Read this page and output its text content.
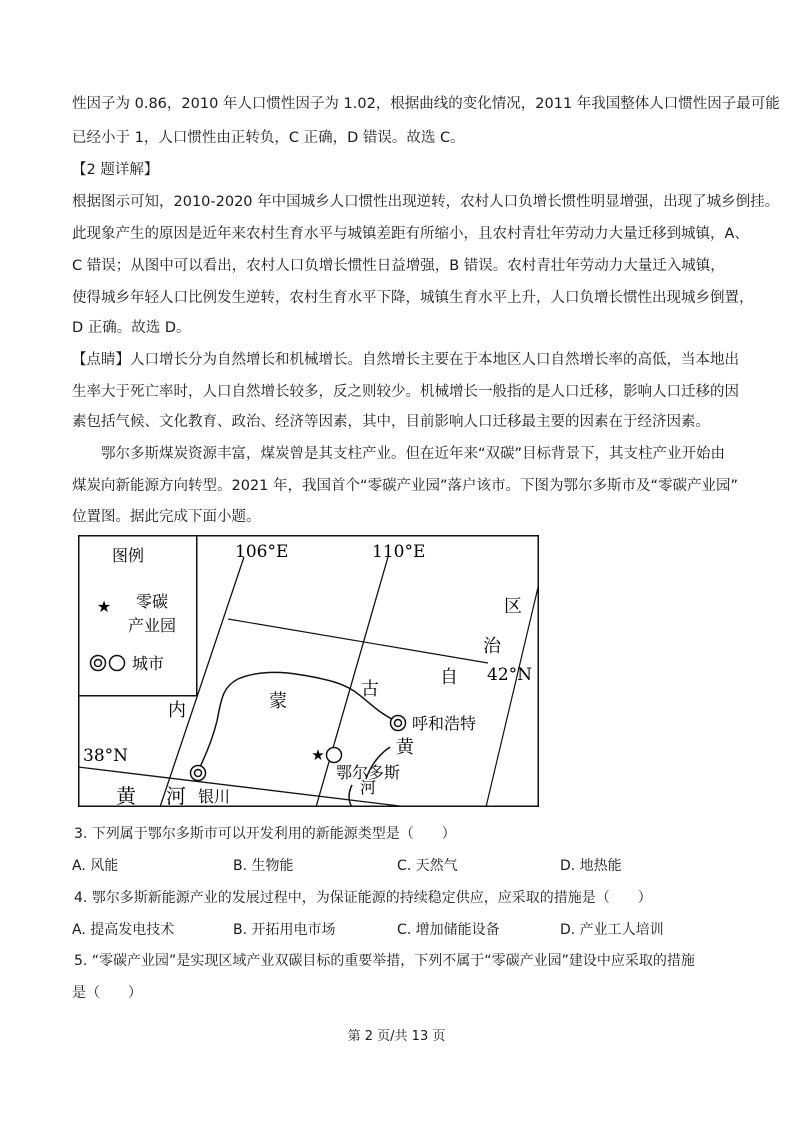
性因子为 0.86，2010 年人口惯性因子为 1.02，根据曲线的变化情况，2011 年我国整体人口惯性因子最可能
已经小于 1，人口惯性由正转负，C 正确，D 错误。故选 C。
【2 题详解】
根据图示可知，2010-2020 年中国城乡人口惯性出现逆转，农村人口负增长惯性明显增强，出现了城乡倒挂。
此现象产生的原因是近年来农村生育水平与城镇差距有所缩小，且农村青壮年劳动力大量迁移到城镇，A、
C 错误；从图中可以看出，农村人口负增长惯性日益增强，B 错误。农村青壮年劳动力大量迁入城镇，
使得城乡年轻人口比例发生逆转，农村生育水平下降，城镇生育水平上升，人口负增长惯性出现城乡倒置，
D 正确。故选 D。
【点睛】人口增长分为自然增长和机械增长。自然增长主要在于本地区人口自然增长率的高低，当本地出
生率大于死亡率时，人口自然增长较多，反之则较少。机械增长一般指的是人口迁移，影响人口迁移的因
素包括气候、文化教育、政治、经济等因素，其中，目前影响人口迁移最主要的因素在于经济因素。
　　鄂尔多斯煤炭资源丰富，煤炭曾是其支柱产业。但在近年来“双碳”目标背景下，其支柱产业开始由
煤炭向新能源方向转型。2021 年，我国首个“零碳产业园”落户该市。下图为鄂尔多斯市及“零碳产业园”
位置图。据此完成下面小题。
图例
★ 零碳
产业园
城市
106°E	110°E
42°N
38°N
区
治
自
古
蒙
内
呼和浩特
银川
★
鄂尔多斯
黄
河
黄 河
3. 下列属于鄂尔多斯市可以开发利用的新能源类型是（　　）
A. 风能	B. 生物能	C. 天然气	D. 地热能
4. 鄂尔多斯新能源产业的发展过程中，为保证能源的持续稳定供应，应采取的措施是（　　）
A. 提高发电技术	B. 开拓用电市场	C. 增加储能设备	D. 产业工人培训
5. “零碳产业园”是实现区域产业双碳目标的重要举措，下列不属于“零碳产业园”建设中应采取的措施
是（　　）
第 2 页/共 13 页
